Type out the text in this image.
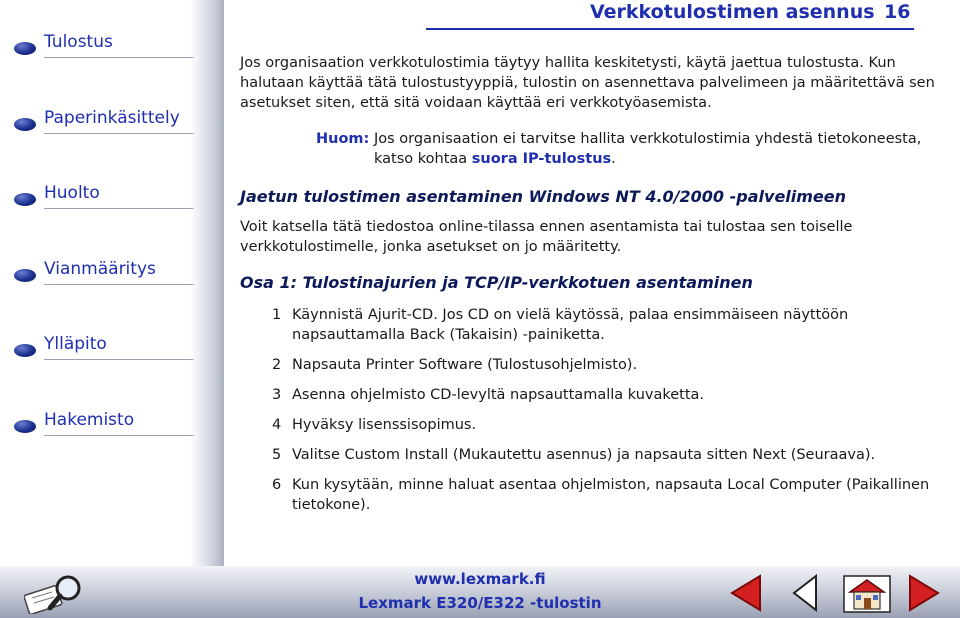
Verkkotulostimen asennus 16
Tulostus
Paperinkäsittely
Huolto
Vianmääritys
Ylläpito
Hakemisto

Jos organisaation verkkotulostimia täytyy hallita keskitetysti, käytä jaettua tulostusta. Kun halutaan käyttää tätä tulostustyyppiä, tulostin on asennettava palvelimeen ja määritettävä sen asetukset siten, että sitä voidaan käyttää eri verkkotyöasemista.

Huom: Jos organisaation ei tarvitse hallita verkkotulostimia yhdestä tietokoneesta, katso kohtaa suora IP-tulostus.
Jaetun tulostimen asentaminen Windows NT 4.0/2000 -palvelimeen

Voit katsella tätä tiedostoa online-tilassa ennen asentamista tai tulostaa sen toiselle verkkotulostimelle, jonka asetukset on jo määritetty.

Osa 1: Tulostinajurien ja TCP/IP-verkkotuen asentaminen
1 Käynnistä Ajurit-CD. Jos CD on vielä käytössä, palaa ensimmäiseen näyttöön napsauttamalla Back (Takaisin) -painiketta.
2 Napsauta Printer Software (Tulostusohjelmisto).
3 Asenna ohjelmisto CD-levyltä napsauttamalla kuvaketta.
4 Hyväksy lisenssisopimus.
5 Valitse Custom Install (Mukautettu asennus) ja napsauta sitten Next (Seuraava).
6 Kun kysytään, minne haluat asentaa ohjelmiston, napsauta Local Computer (Paikallinen tietokone).
www.lexmark.fi
Lexmark E320/E322 -tulostin
